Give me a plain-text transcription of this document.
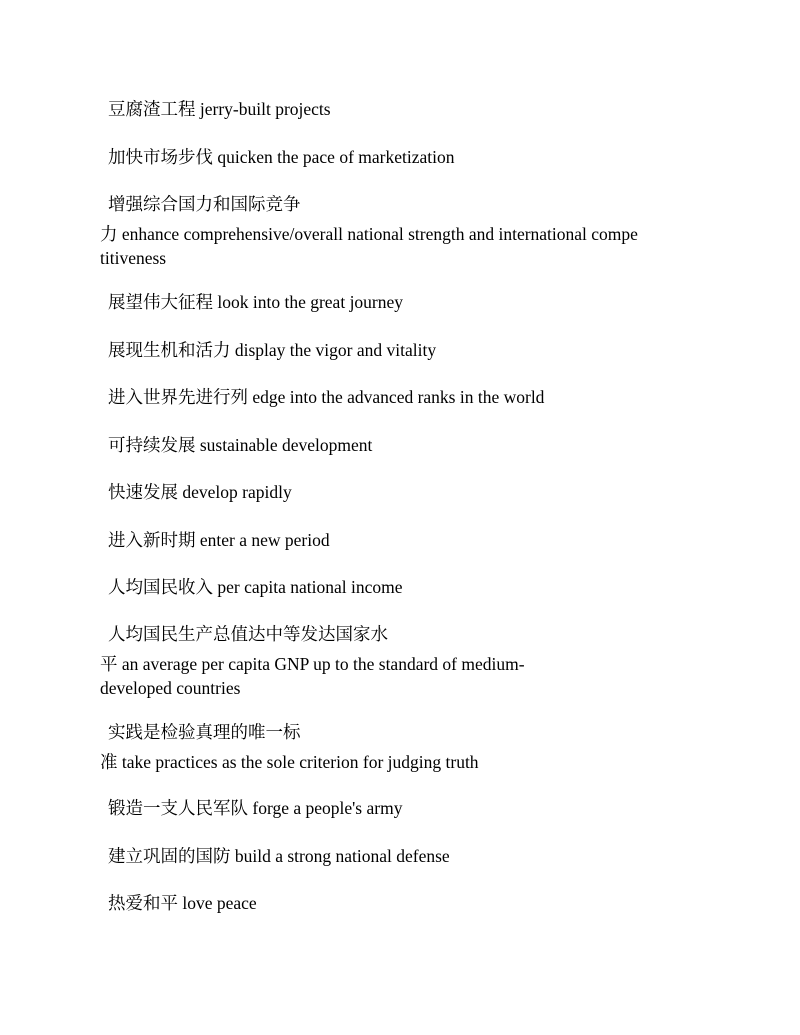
豆腐渣工程 jerry-built projects

加快市场步伐 quicken the pace of marketization

增强综合国力和国际竞争
力 enhance comprehensive/overall national strength and international compe
titiveness

展望伟大征程 look into the great journey

展现生机和活力 display the vigor and vitality

进入世界先进行列 edge into the advanced ranks in the world

可持续发展 sustainable development

快速发展 develop rapidly

进入新时期 enter a new period

人均国民收入 per capita national income

人均国民生产总值达中等发达国家水
平 an average per capita GNP up to the standard of medium-
developed countries

实践是检验真理的唯一标
准 take practices as the sole criterion for judging truth

锻造一支人民军队 forge a people's army

建立巩固的国防 build a strong national defense

热爱和平 love peace
